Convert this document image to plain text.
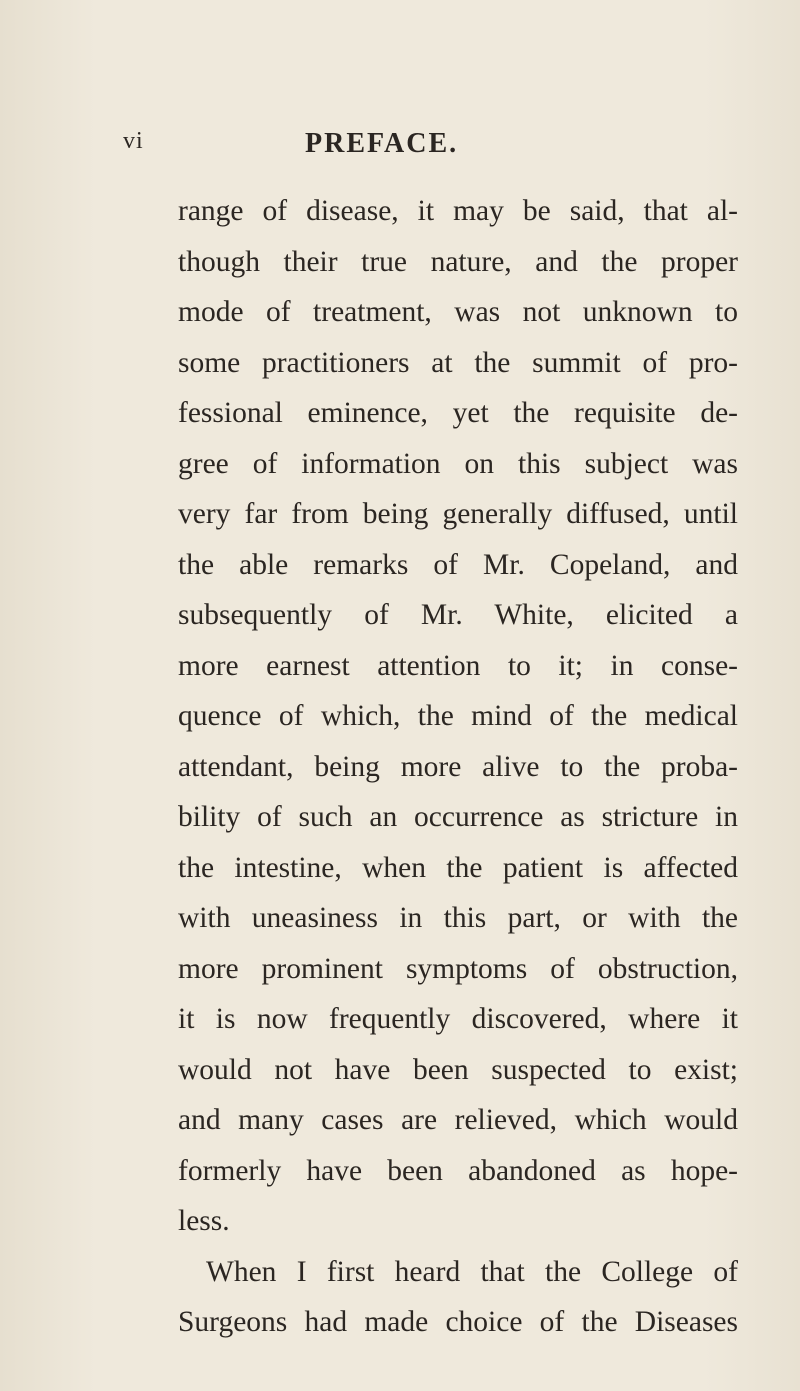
vi	PREFACE.
range of disease, it may be said, that al-
though their true nature, and the proper
mode of treatment, was not unknown to
some practitioners at the summit of pro-
fessional eminence, yet the requisite de-
gree of information on this subject was
very far from being generally diffused, until
the able remarks of Mr. Copeland, and
subsequently of Mr. White, elicited a
more earnest attention to it; in conse-
quence of which, the mind of the medical
attendant, being more alive to the proba-
bility of such an occurrence as stricture in
the intestine, when the patient is affected
with uneasiness in this part, or with the
more prominent symptoms of obstruction,
it is now frequently discovered, where it
would not have been suspected to exist;
and many cases are relieved, which would
formerly have been abandoned as hope-
less.
When I first heard that the College of
Surgeons had made choice of the Diseases
